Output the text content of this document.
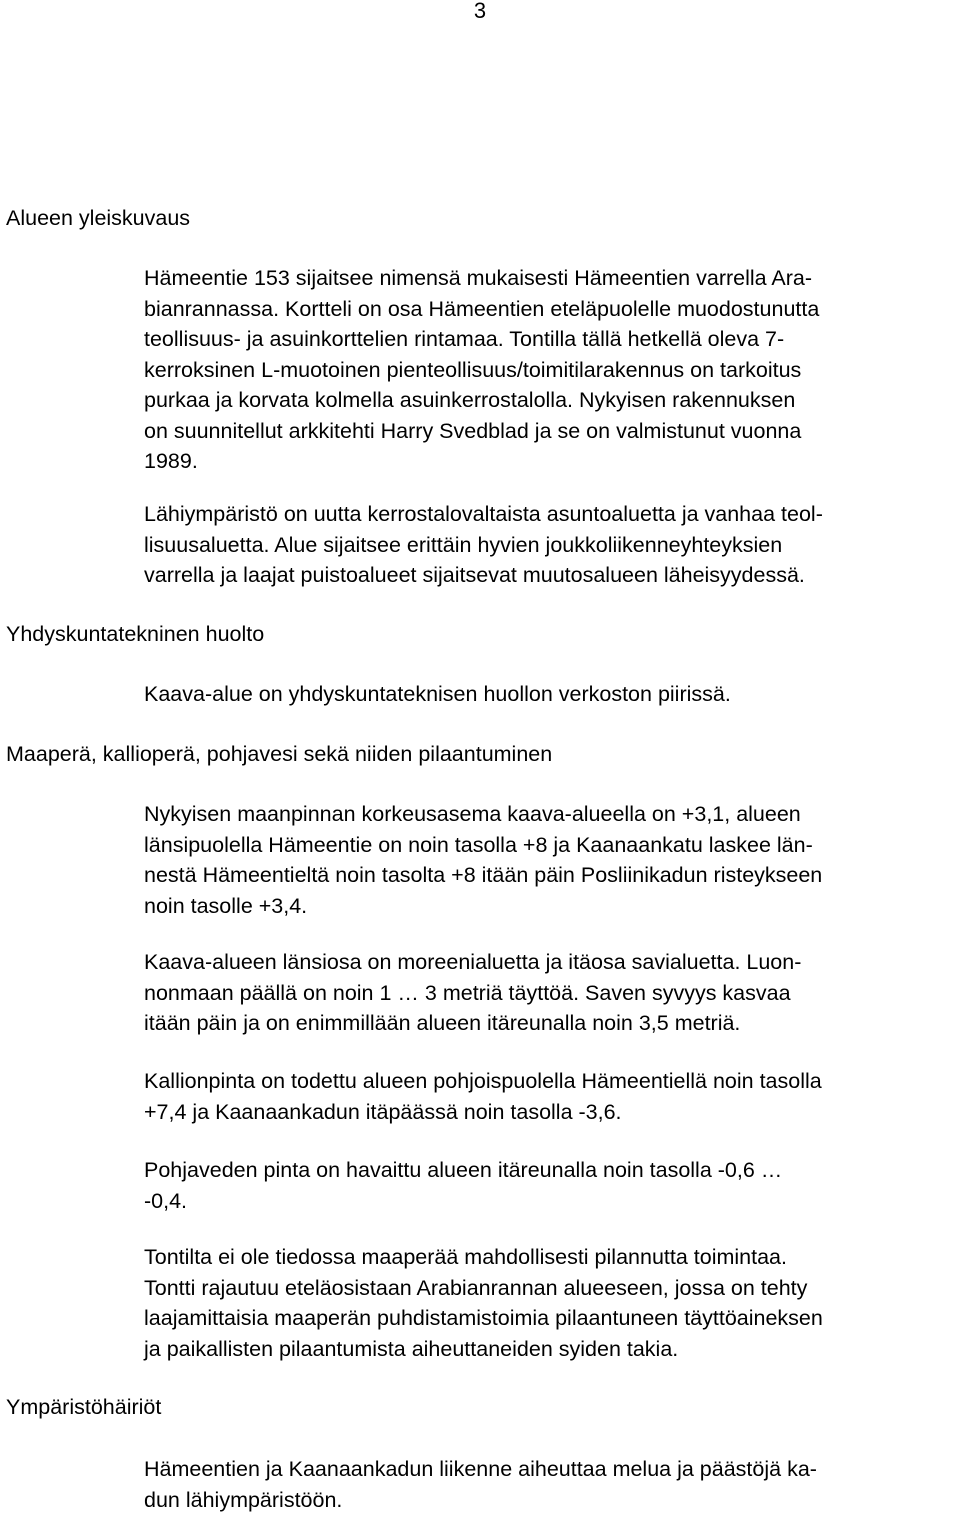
3
Alueen yleiskuvaus
Hämeentie 153 sijaitsee nimensä mukaisesti Hämeentien varrella Ara-
bianrannassa. Kortteli on osa Hämeentien eteläpuolelle muodostunutta
teollisuus- ja asuinkorttelien rintamaa. Tontilla tällä hetkellä oleva 7-
kerroksinen L-muotoinen pienteollisuus/toimitilarakennus on tarkoitus
purkaa ja korvata kolmella asuinkerrostalolla. Nykyisen rakennuksen
on suunnitellut arkkitehti Harry Svedblad ja se on valmistunut vuonna
1989.
Lähiympäristö on uutta kerrostalovaltaista asuntoaluetta ja vanhaa teol-
lisuusaluetta. Alue sijaitsee erittäin hyvien joukkoliikenneyhteyksien
varrella ja laajat puistoalueet sijaitsevat muutosalueen läheisyydessä.
Yhdyskuntatekninen huolto
Kaava-alue on yhdyskuntateknisen huollon verkoston piirissä.
Maaperä, kallioperä, pohjavesi sekä niiden pilaantuminen
Nykyisen maanpinnan korkeusasema kaava-alueella on +3,1, alueen
länsipuolella Hämeentie on noin tasolla +8 ja Kaanaankatu laskee län-
nestä Hämeentieltä noin tasolta +8 itään päin Posliinikadun risteykseen
noin tasolle +3,4.
Kaava-alueen länsiosa on moreenialuetta ja itäosa savialuetta. Luon-
nonmaan päällä on noin 1 … 3 metriä täyttöä. Saven syvyys kasvaa
itään päin ja on enimmillään alueen itäreunalla noin 3,5 metriä.
Kallionpinta on todettu alueen pohjoispuolella Hämeentiellä noin tasolla
+7,4 ja Kaanaankadun itäpäässä noin tasolla -3,6.
Pohjaveden pinta on havaittu alueen itäreunalla noin tasolla -0,6 …
-0,4.
Tontilta ei ole tiedossa maaperää mahdollisesti pilannutta toimintaa.
Tontti rajautuu eteläosistaan Arabianrannan alueeseen, jossa on tehty
laajamittaisia maaperän puhdistamistoimia pilaantuneen täyttöaineksen
ja paikallisten pilaantumista aiheuttaneiden syiden takia.
Ympäristöhäiriöt
Hämeentien ja Kaanaankadun liikenne aiheuttaa melua ja päästöjä ka-
dun lähiympäristöön.
